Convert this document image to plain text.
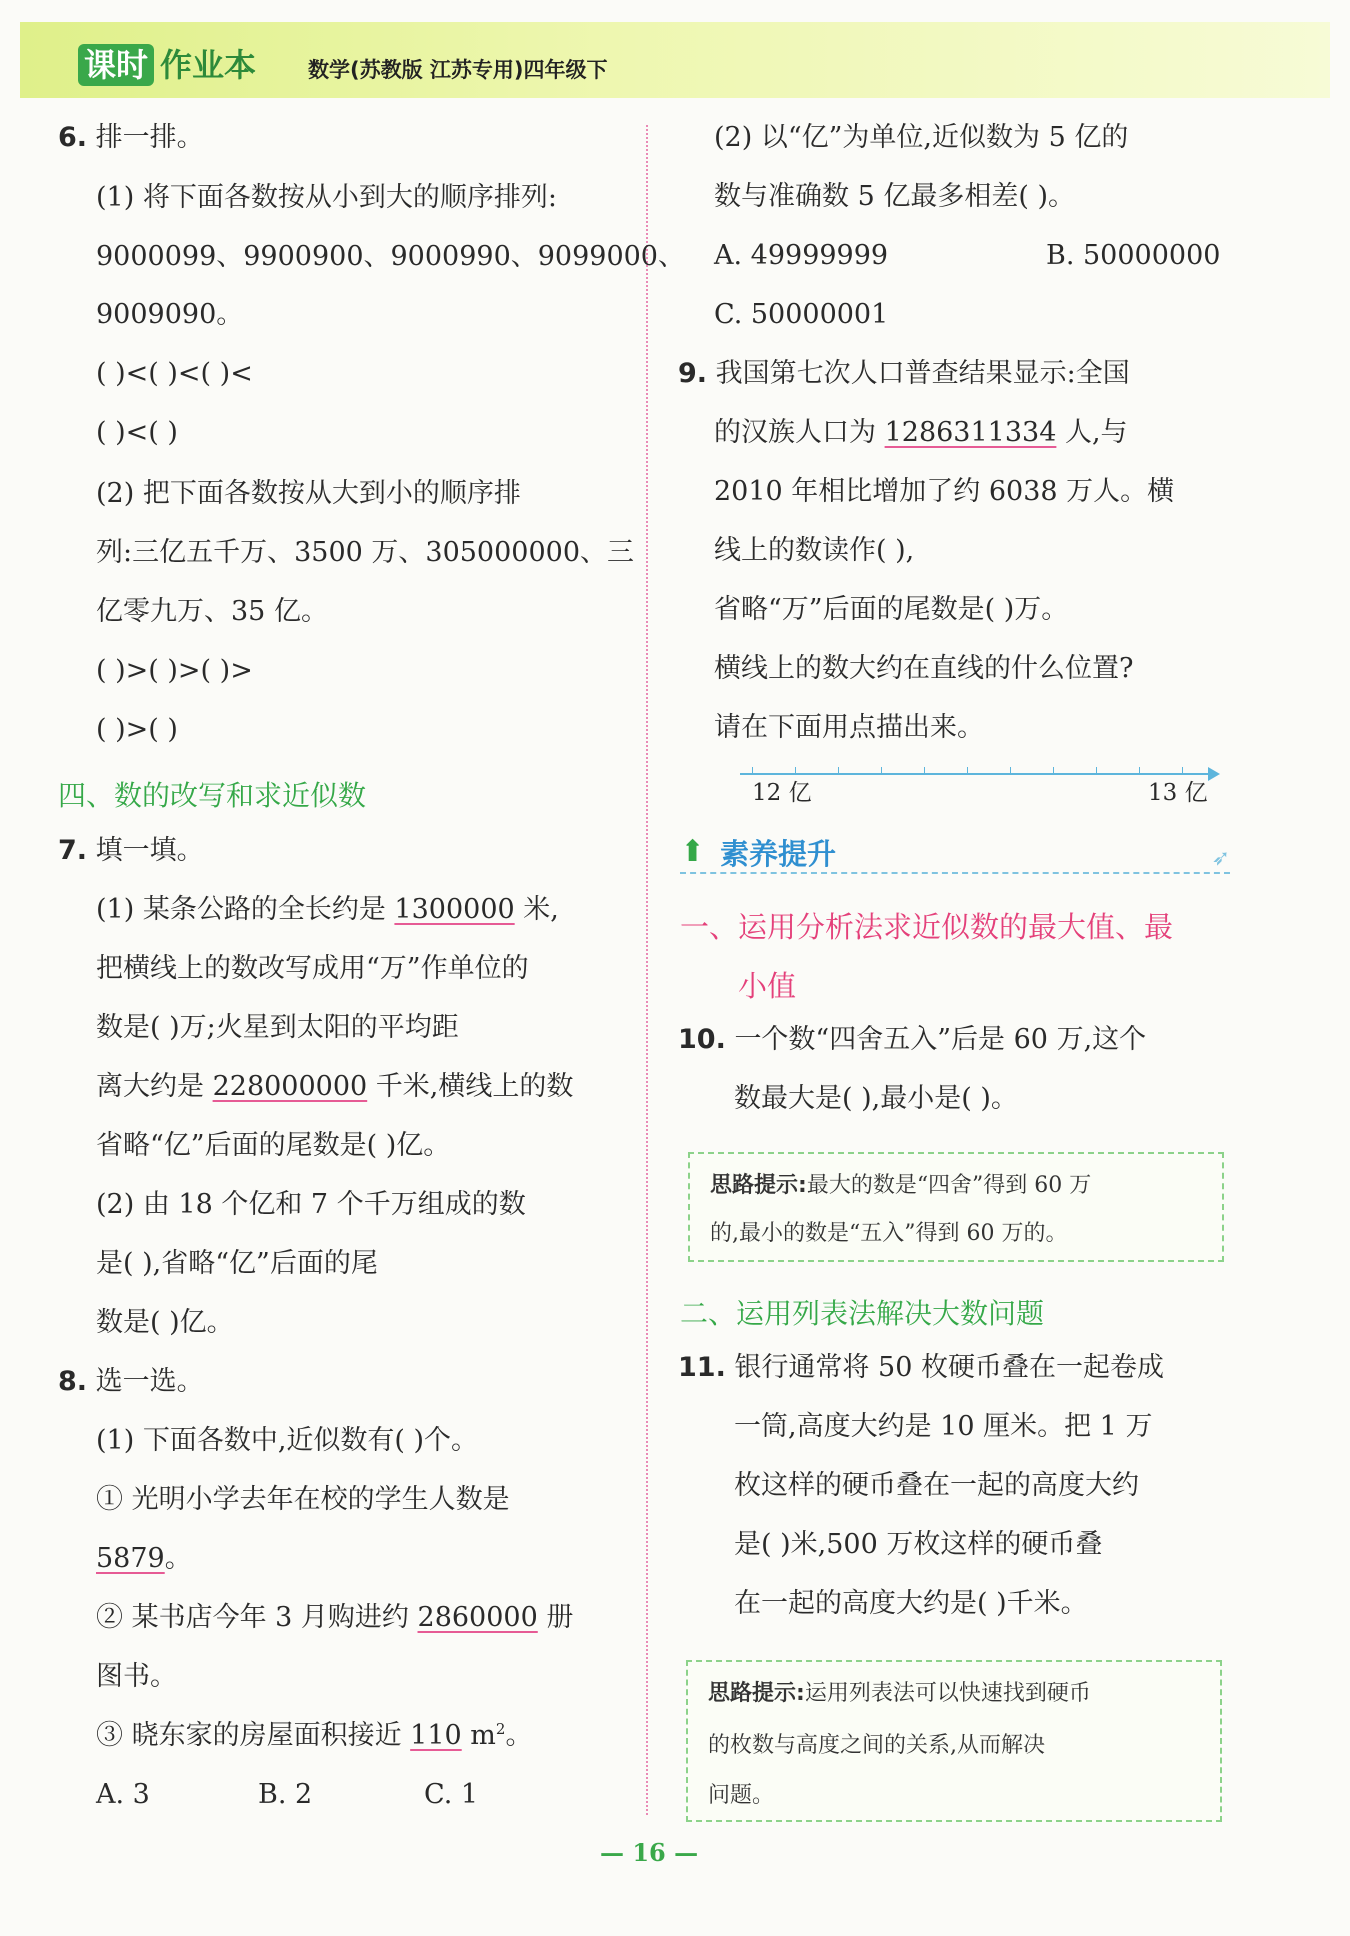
课时 作业本 数学(苏教版 江苏专用)四年级下
6. 排一排。
(1) 将下面各数按从小到大的顺序排列:
9000099、9900900、9000990、9099000、
9009090。
( )<( )<( )<
( )<( )
(2) 把下面各数按从大到小的顺序排
列:三亿五千万、3500 万、305000000、三
亿零九万、35 亿。
( )>( )>( )>
( )>( )
四、数的改写和求近似数
7. 填一填。
(1) 某条公路的全长约是 1300000 米,
把横线上的数改写成用“万”作单位的
数是( )万;火星到太阳的平均距
离大约是 228000000 千米,横线上的数
省略“亿”后面的尾数是( )亿。
(2) 由 18 个亿和 7 个千万组成的数
是( ),省略“亿”后面的尾
数是( )亿。
8. 选一选。
(1) 下面各数中,近似数有( )个。
① 光明小学去年在校的学生人数是
5879。
② 某书店今年 3 月购进约 2860000 册
图书。
③ 晓东家的房屋面积接近 110 $m^2$。
A. 3	B. 2	C. 1
(2) 以“亿”为单位,近似数为 5 亿的
数与准确数 5 亿最多相差( )。
A. 49999999	B. 50000000
C. 50000001
9. 我国第七次人口普查结果显示:全国
的汉族人口为 1286311334 人,与
2010 年相比增加了约 6038 万人。横
线上的数读作( ),
省略“万”后面的尾数是( )万。
横线上的数大约在直线的什么位置?
请在下面用点描出来。
12 亿	13 亿
⬆ 素养提升	➶
一、运用分析法求近似数的最大值、最
小值
10. 一个数“四舍五入”后是 60 万,这个
数最大是( ),最小是( )。
思路提示:最大的数是“四舍”得到 60 万
的,最小的数是“五入”得到 60 万的。
二、运用列表法解决大数问题
11. 银行通常将 50 枚硬币叠在一起卷成
一筒,高度大约是 10 厘米。把 1 万
枚这样的硬币叠在一起的高度大约
是( )米,500 万枚这样的硬币叠
在一起的高度大约是( )千米。
思路提示:运用列表法可以快速找到硬币
的枚数与高度之间的关系,从而解决
问题。
— 16 —
